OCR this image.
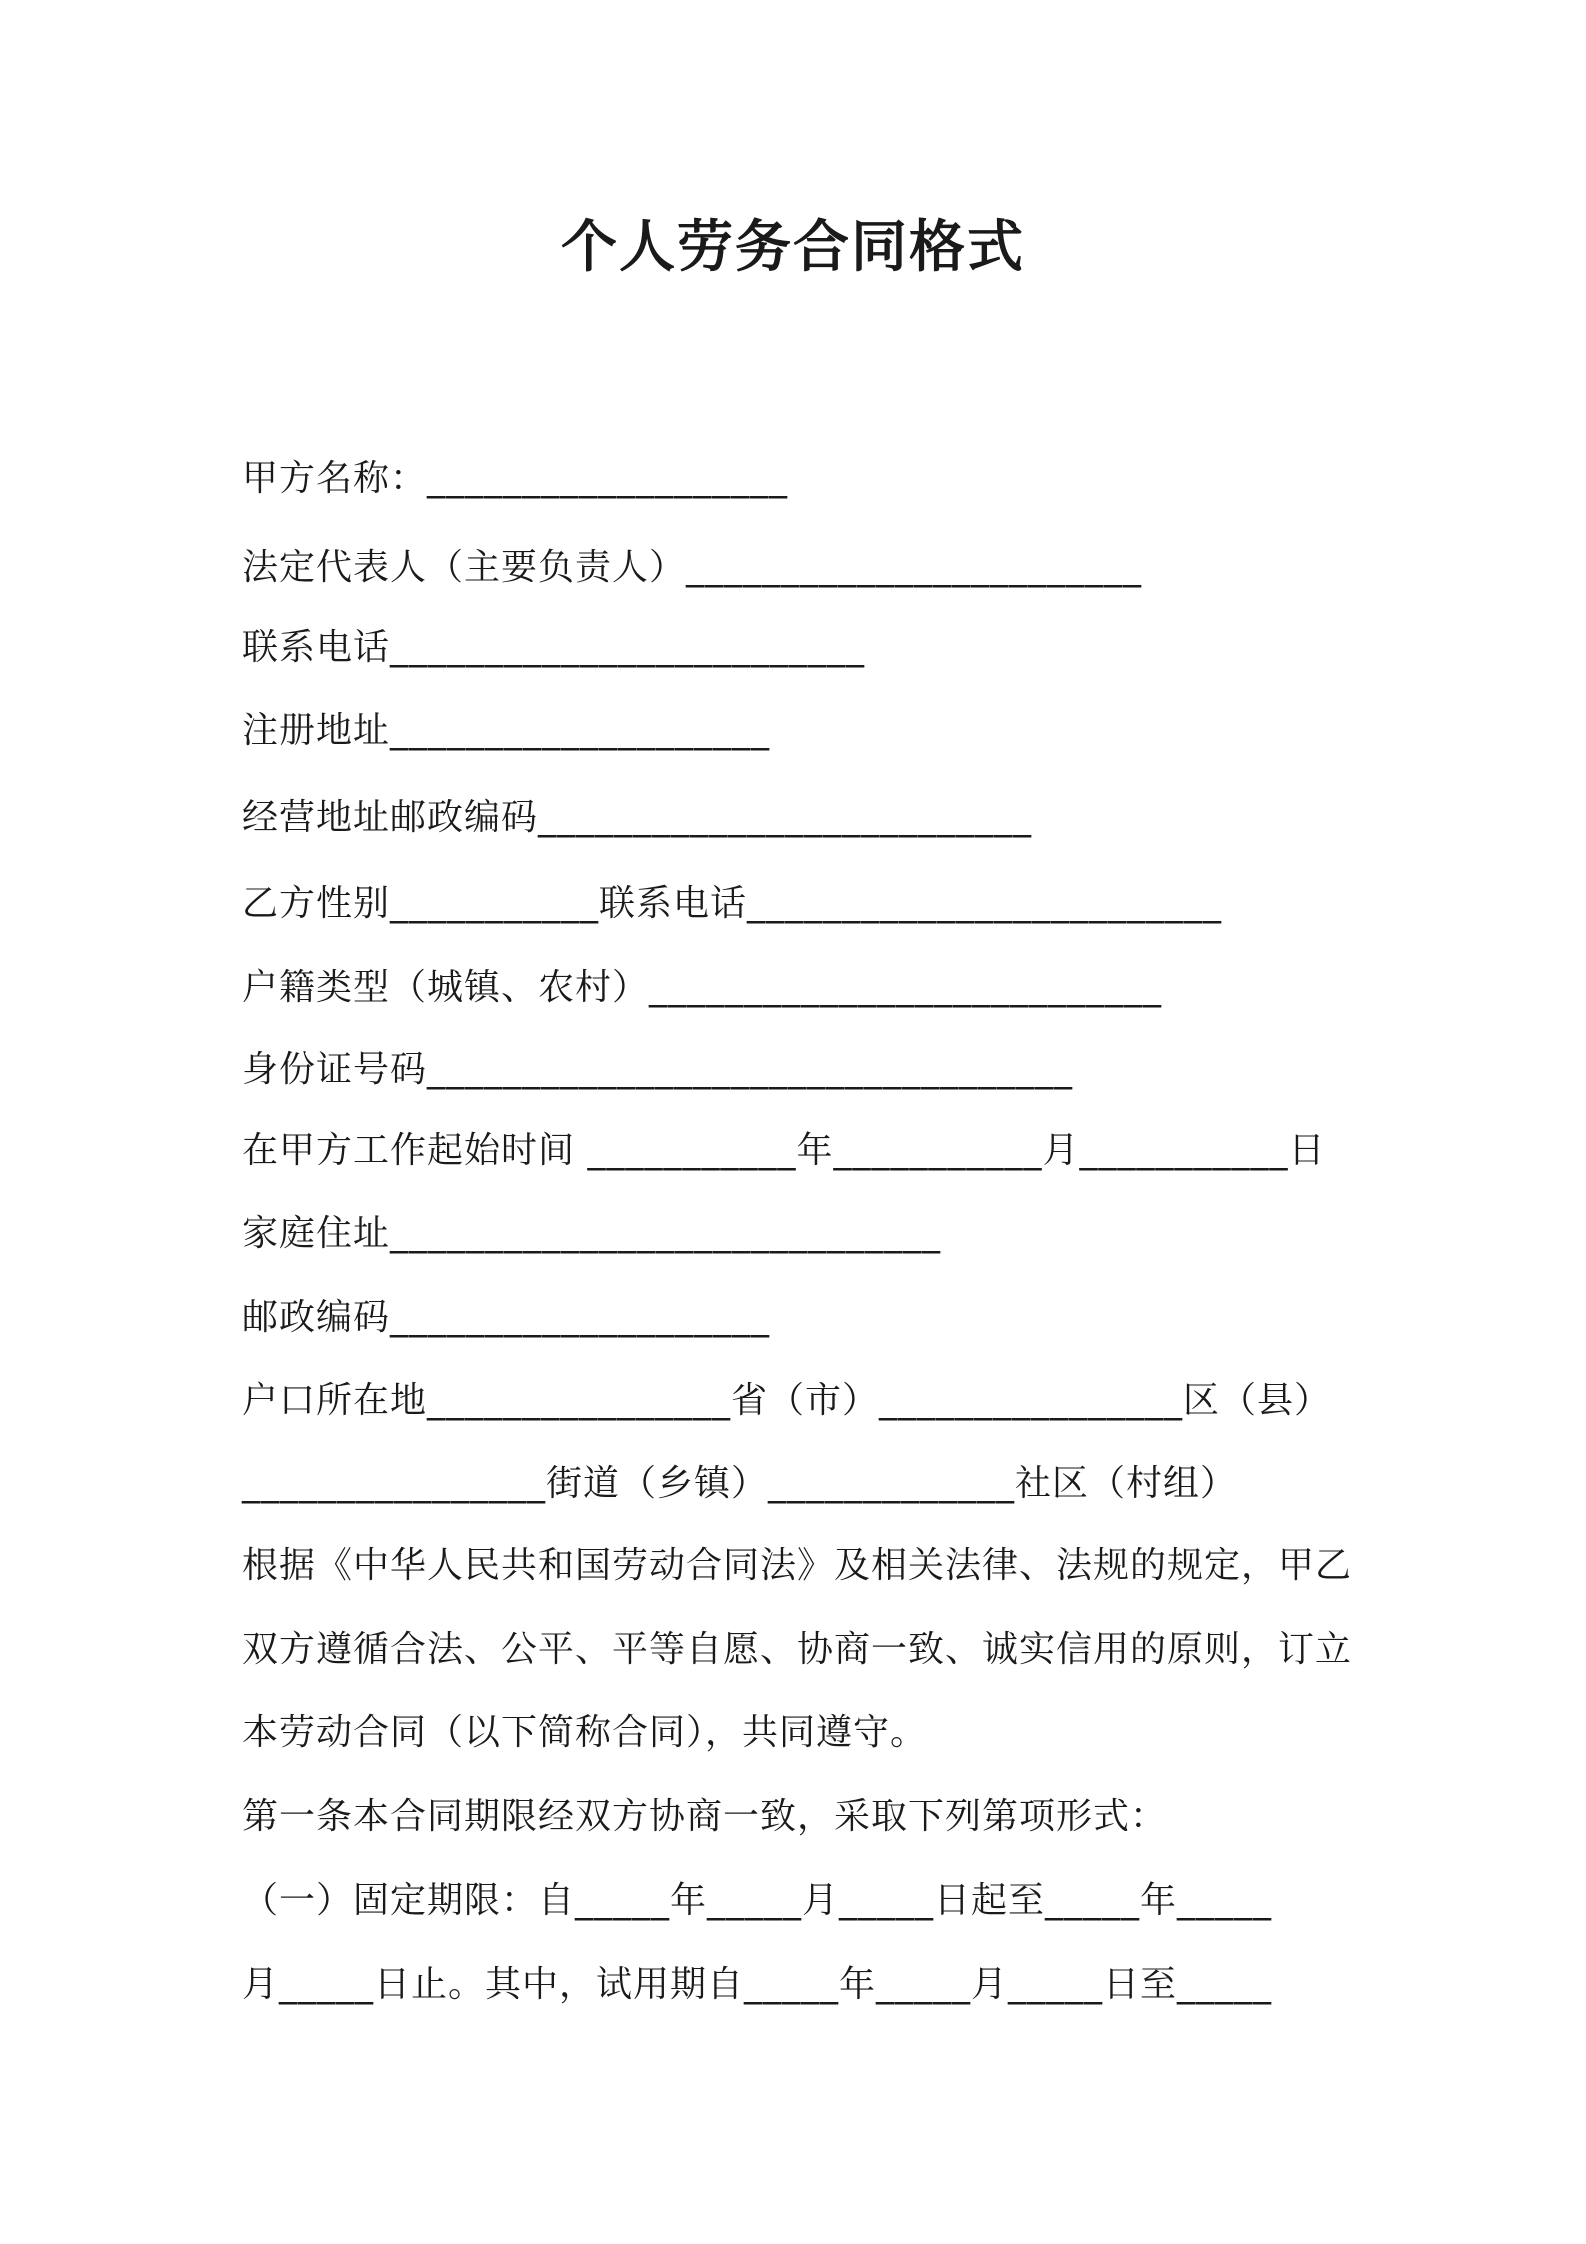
个人劳务合同格式
甲方名称：___________________
法定代表人（主要负责人）________________________
联系电话_________________________
注册地址____________________
经营地址邮政编码__________________________
乙方性别___________联系电话_________________________
户籍类型（城镇、农村）___________________________
身份证号码__________________________________
在甲方工作起始时间 ___________年___________月___________日
家庭住址_____________________________
邮政编码____________________
户口所在地________________省（市）________________区（县）
________________街道（乡镇）_____________社区（村组）
根据《中华人民共和国劳动合同法》及相关法律、法规的规定，甲乙
双方遵循合法、公平、平等自愿、协商一致、诚实信用的原则，订立
本劳动合同（以下简称合同），共同遵守。
第一条本合同期限经双方协商一致，采取下列第项形式：
（一）固定期限：自_____年_____月_____日起至_____年_____
月_____日止。其中，试用期自_____年_____月_____日至_____
